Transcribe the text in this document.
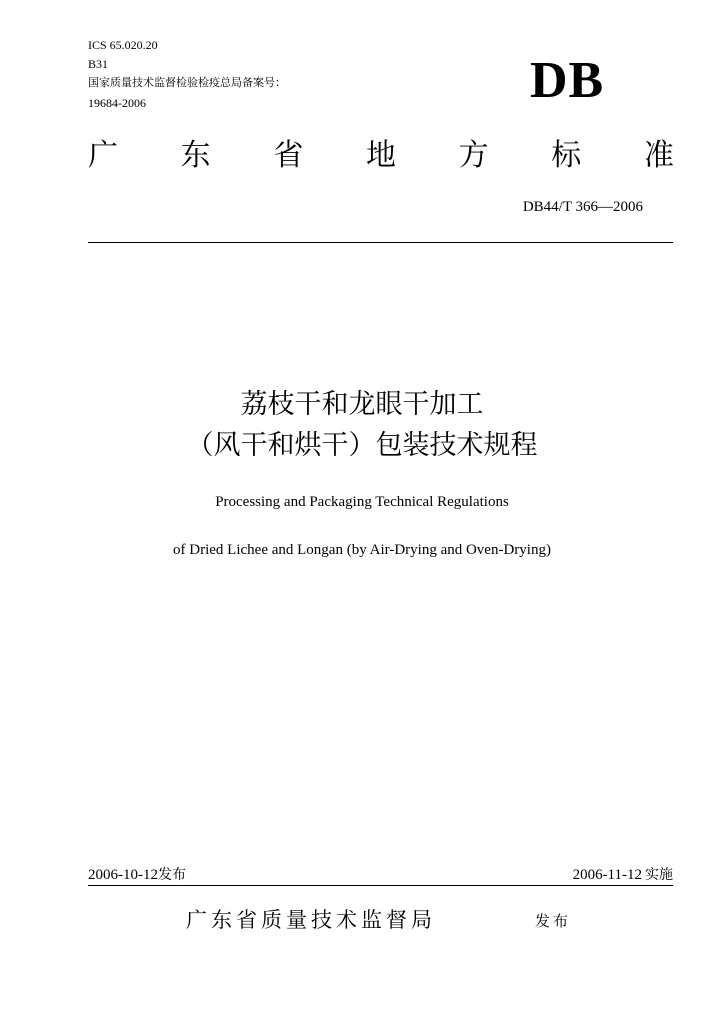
ICS 65.020.20
B31
国家质量技术监督检验检疫总局备案号：
19684-2006	DB
广 东 省 地 方 标 准
DB44/T 366—2006
荔枝干和龙眼干加工
（风干和烘干）包装技术规程
Processing and Packaging Technical Regulations
of Dried Lichee and Longan (by Air-Drying and Oven-Drying)
2006-10-12发布	2006-11-12 实施
广东省质量技术监督局	发布
